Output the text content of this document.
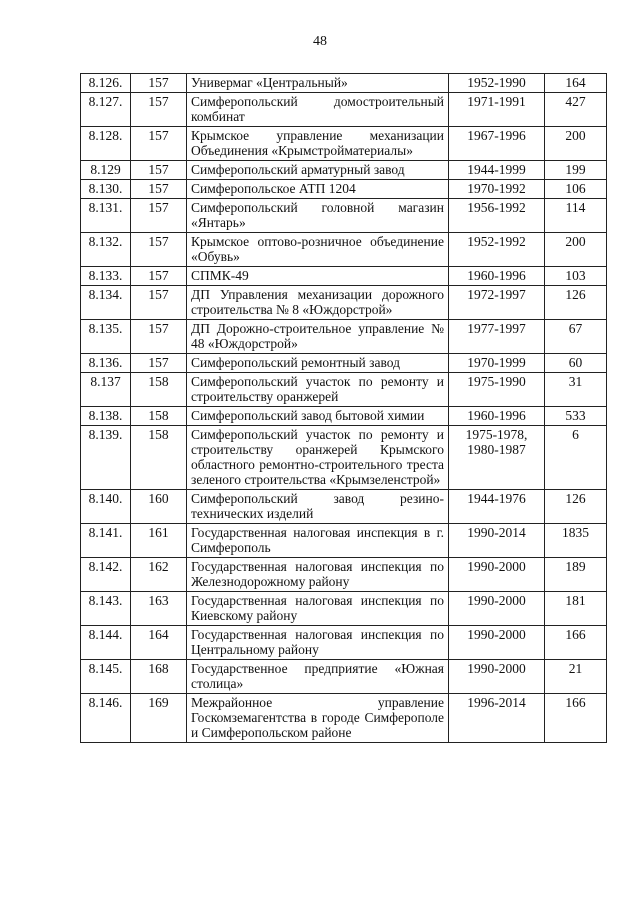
48
8.126.	157	Универмаг «Центральный»	1952-1990	164
8.127.	157	Симферопольский домостроительный комбинат	1971-1991	427
8.128.	157	Крымское управление механизации Объединения «Крымстройматериалы»	1967-1996	200
8.129	157	Симферопольский арматурный завод	1944-1999	199
8.130.	157	Симферопольское АТП 1204	1970-1992	106
8.131.	157	Симферопольский головной магазин «Янтарь»	1956-1992	114
8.132.	157	Крымское оптово-розничное объединение «Обувь»	1952-1992	200
8.133.	157	СПМК-49	1960-1996	103
8.134.	157	ДП Управления механизации дорожного строительства № 8 «Юждорстрой»	1972-1997	126
8.135.	157	ДП Дорожно-строительное управление № 48 «Юждорстрой»	1977-1997	67
8.136.	157	Симферопольский ремонтный завод	1970-1999	60
8.137	158	Симферопольский участок по ремонту и строительству оранжерей	1975-1990	31
8.138.	158	Симферопольский завод бытовой химии	1960-1996	533
8.139.	158	Симферопольский участок по ремонту и строительству оранжерей Крымского областного ремонтно-строительного треста зеленого строительства «Крымзеленстрой»	1975-1978, 1980-1987	6
8.140.	160	Симферопольский завод резино-технических изделий	1944-1976	126
8.141.	161	Государственная налоговая инспекция в г. Симферополь	1990-2014	1835
8.142.	162	Государственная налоговая инспекция по Железнодорожному району	1990-2000	189
8.143.	163	Государственная налоговая инспекция по Киевскому району	1990-2000	181
8.144.	164	Государственная налоговая инспекция по Центральному району	1990-2000	166
8.145.	168	Государственное предприятие «Южная столица»	1990-2000	21
8.146.	169	Межрайонное управление Госкомземагентства в городе Симферополе и Симферопольском районе	1996-2014	166
